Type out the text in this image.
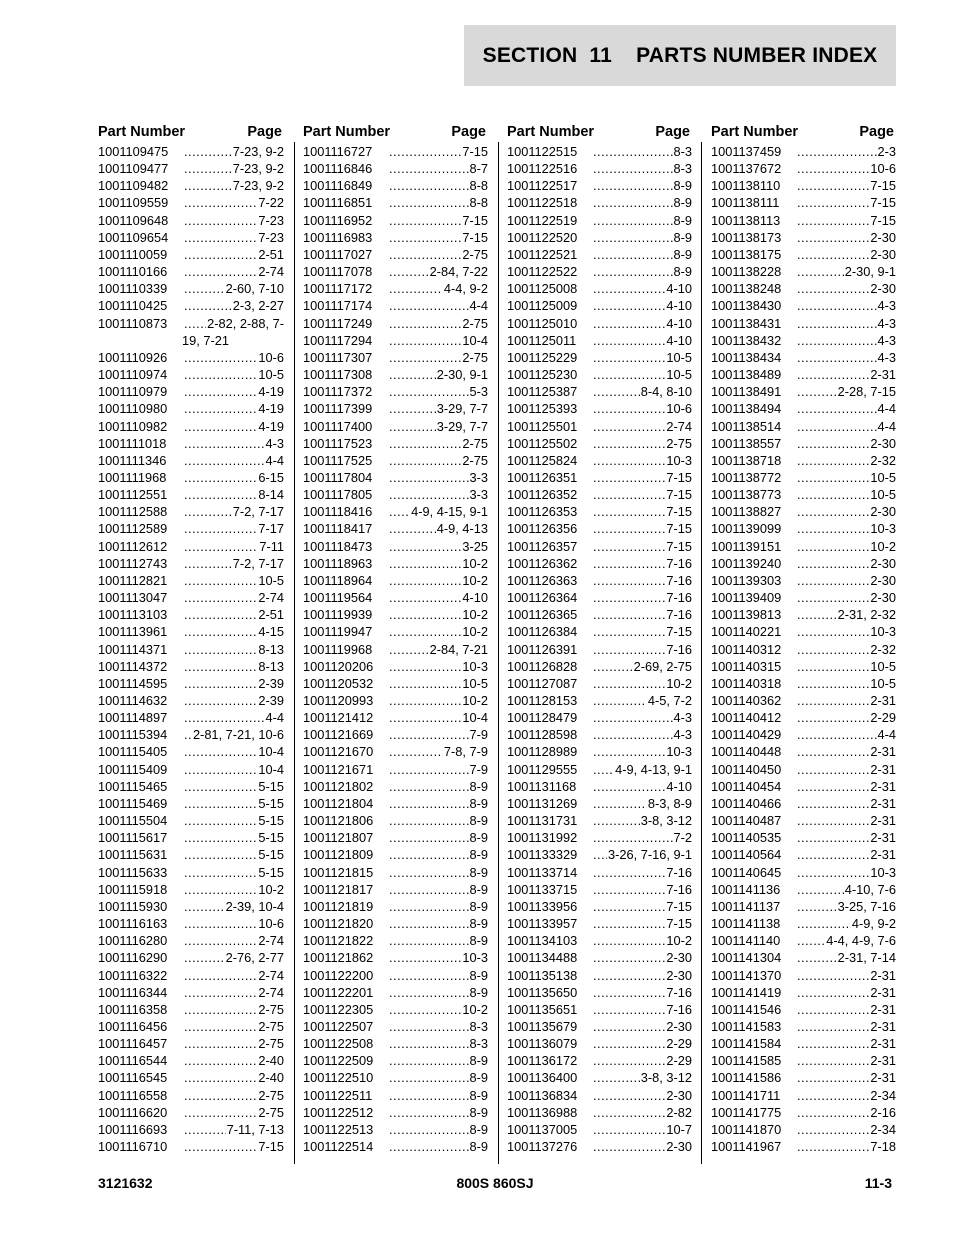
SECTION  11    PARTS NUMBER INDEX
Part Number	Page
1001109475 .....	7-23, 9-2
1001109477 .....	7-23, 9-2
1001109482 .....	7-23, 9-2
1001109559 .....	7-22
1001109648 .....	7-23
1001109654 .....	7-23
1001110059 .....	2-51
1001110166 .....	2-74
1001110339 .....	2-60, 7-10
1001110425 .....	2-3, 2-27
1001110873 .....	2-82, 2-88, 7-
19, 7-21
1001110926 .....	10-6
1001110974 .....	10-5
1001110979 .....	4-19
1001110980 .....	4-19
1001110982 .....	4-19
1001111018 .....	4-3
1001111346 .....	4-4
1001111968 .....	6-15
1001112551 .....	8-14
1001112588 .....	7-2, 7-17
1001112589 .....	7-17
1001112612 .....	7-11
1001112743 .....	7-2, 7-17
1001112821 .....	10-5
1001113047 .....	2-74
1001113103 .....	2-51
1001113961 .....	4-15
1001114371 .....	8-13
1001114372 .....	8-13
1001114595 .....	2-39
1001114632 .....	2-39
1001114897 .....	4-4
1001115394 .....	2-81, 7-21, 10-6
1001115405 .....	10-4
1001115409 .....	10-4
1001115465 .....	5-15
1001115469 .....	5-15
1001115504 .....	5-15
1001115617 .....	5-15
1001115631 .....	5-15
1001115633 .....	5-15
1001115918 .....	10-2
1001115930 .....	2-39, 10-4
1001116163 .....	10-6
1001116280 .....	2-74
1001116290 .....	2-76, 2-77
1001116322 .....	2-74
1001116344 .....	2-74
1001116358 .....	2-75
1001116456 .....	2-75
1001116457 .....	2-75
1001116544 .....	2-40
1001116545 .....	2-40
1001116558 .....	2-75
1001116620 .....	2-75
1001116693 .....	7-11, 7-13
1001116710 .....	7-15
Part Number	Page
1001116727 .....	7-15
1001116846 .....	8-7
1001116849 .....	8-8
1001116851 .....	8-8
1001116952 .....	7-15
1001116983 .....	7-15
1001117027 .....	2-75
1001117078 .....	2-84, 7-22
1001117172 .....	4-4, 9-2
1001117174 .....	4-4
1001117249 .....	2-75
1001117294 .....	10-4
1001117307 .....	2-75
1001117308 .....	2-30, 9-1
1001117372 .....	5-3
1001117399 .....	3-29, 7-7
1001117400 .....	3-29, 7-7
1001117523 .....	2-75
1001117525 .....	2-75
1001117804 .....	3-3
1001117805 .....	3-3
1001118416 .....	4-9, 4-15, 9-1
1001118417 .....	4-9, 4-13
1001118473 .....	3-25
1001118963 .....	10-2
1001118964 .....	10-2
1001119564 .....	4-10
1001119939 .....	10-2
1001119947 .....	10-2
1001119968 .....	2-84, 7-21
1001120206 .....	10-3
1001120532 .....	10-5
1001120993 .....	10-2
1001121412 .....	10-4
1001121669 .....	7-9
1001121670 .....	7-8, 7-9
1001121671 .....	7-9
1001121802 .....	8-9
1001121804 .....	8-9
1001121806 .....	8-9
1001121807 .....	8-9
1001121809 .....	8-9
1001121815 .....	8-9
1001121817 .....	8-9
1001121819 .....	8-9
1001121820 .....	8-9
1001121822 .....	8-9
1001121862 .....	10-3
1001122200 .....	8-9
1001122201 .....	8-9
1001122305 .....	10-2
1001122507 .....	8-3
1001122508 .....	8-3
1001122509 .....	8-9
1001122510 .....	8-9
1001122511 .....	8-9
1001122512 .....	8-9
1001122513 .....	8-9
1001122514 .....	8-9
Part Number	Page
1001122515 .....	8-3
1001122516 .....	8-3
1001122517 .....	8-9
1001122518 .....	8-9
1001122519 .....	8-9
1001122520 .....	8-9
1001122521 .....	8-9
1001122522 .....	8-9
1001125008 .....	4-10
1001125009 .....	4-10
1001125010 .....	4-10
1001125011 .....	4-10
1001125229 .....	10-5
1001125230 .....	10-5
1001125387 .....	8-4, 8-10
1001125393 .....	10-6
1001125501 .....	2-74
1001125502 .....	2-75
1001125824 .....	10-3
1001126351 .....	7-15
1001126352 .....	7-15
1001126353 .....	7-15
1001126356 .....	7-15
1001126357 .....	7-15
1001126362 .....	7-16
1001126363 .....	7-16
1001126364 .....	7-16
1001126365 .....	7-16
1001126384 .....	7-15
1001126391 .....	7-16
1001126828 .....	2-69, 2-75
1001127087 .....	10-2
1001128153 .....	4-5, 7-2
1001128479 .....	4-3
1001128598 .....	4-3
1001128989 .....	10-3
1001129555 .....	4-9, 4-13, 9-1
1001131168 .....	4-10
1001131269 .....	8-3, 8-9
1001131731 .....	3-8, 3-12
1001131992 .....	7-2
1001133329 .....	3-26, 7-16, 9-1
1001133714 .....	7-16
1001133715 .....	7-16
1001133956 .....	7-15
1001133957 .....	7-15
1001134103 .....	10-2
1001134488 .....	2-30
1001135138 .....	2-30
1001135650 .....	7-16
1001135651 .....	7-16
1001135679 .....	2-30
1001136079 .....	2-29
1001136172 .....	2-29
1001136400 .....	3-8, 3-12
1001136834 .....	2-30
1001136988 .....	2-82
1001137005 .....	10-7
1001137276 .....	2-30
Part Number	Page
1001137459 .....	2-3
1001137672 .....	10-6
1001138110 .....	7-15
1001138111 .....	7-15
1001138113 .....	7-15
1001138173 .....	2-30
1001138175 .....	2-30
1001138228 .....	2-30, 9-1
1001138248 .....	2-30
1001138430 .....	4-3
1001138431 .....	4-3
1001138432 .....	4-3
1001138434 .....	4-3
1001138489 .....	2-31
1001138491 .....	2-28, 7-15
1001138494 .....	4-4
1001138514 .....	4-4
1001138557 .....	2-30
1001138718 .....	2-32
1001138772 .....	10-5
1001138773 .....	10-5
1001138827 .....	2-30
1001139099 .....	10-3
1001139151 .....	10-2
1001139240 .....	2-30
1001139303 .....	2-30
1001139409 .....	2-30
1001139813 .....	2-31, 2-32
1001140221 .....	10-3
1001140312 .....	2-32
1001140315 .....	10-5
1001140318 .....	10-5
1001140362 .....	2-31
1001140412 .....	2-29
1001140429 .....	4-4
1001140448 .....	2-31
1001140450 .....	2-31
1001140454 .....	2-31
1001140466 .....	2-31
1001140487 .....	2-31
1001140535 .....	2-31
1001140564 .....	2-31
1001140645 .....	10-3
1001141136 .....	4-10, 7-6
1001141137 .....	3-25, 7-16
1001141138 .....	4-9, 9-2
1001141140 .....	4-4, 4-9, 7-6
1001141304 .....	2-31, 7-14
1001141370 .....	2-31
1001141419 .....	2-31
1001141546 .....	2-31
1001141583 .....	2-31
1001141584 .....	2-31
1001141585 .....	2-31
1001141586 .....	2-31
1001141711 .....	2-34
1001141775 .....	2-16
1001141870 .....	2-34
1001141967 .....	7-18
3121632	800S 860SJ	11-3
